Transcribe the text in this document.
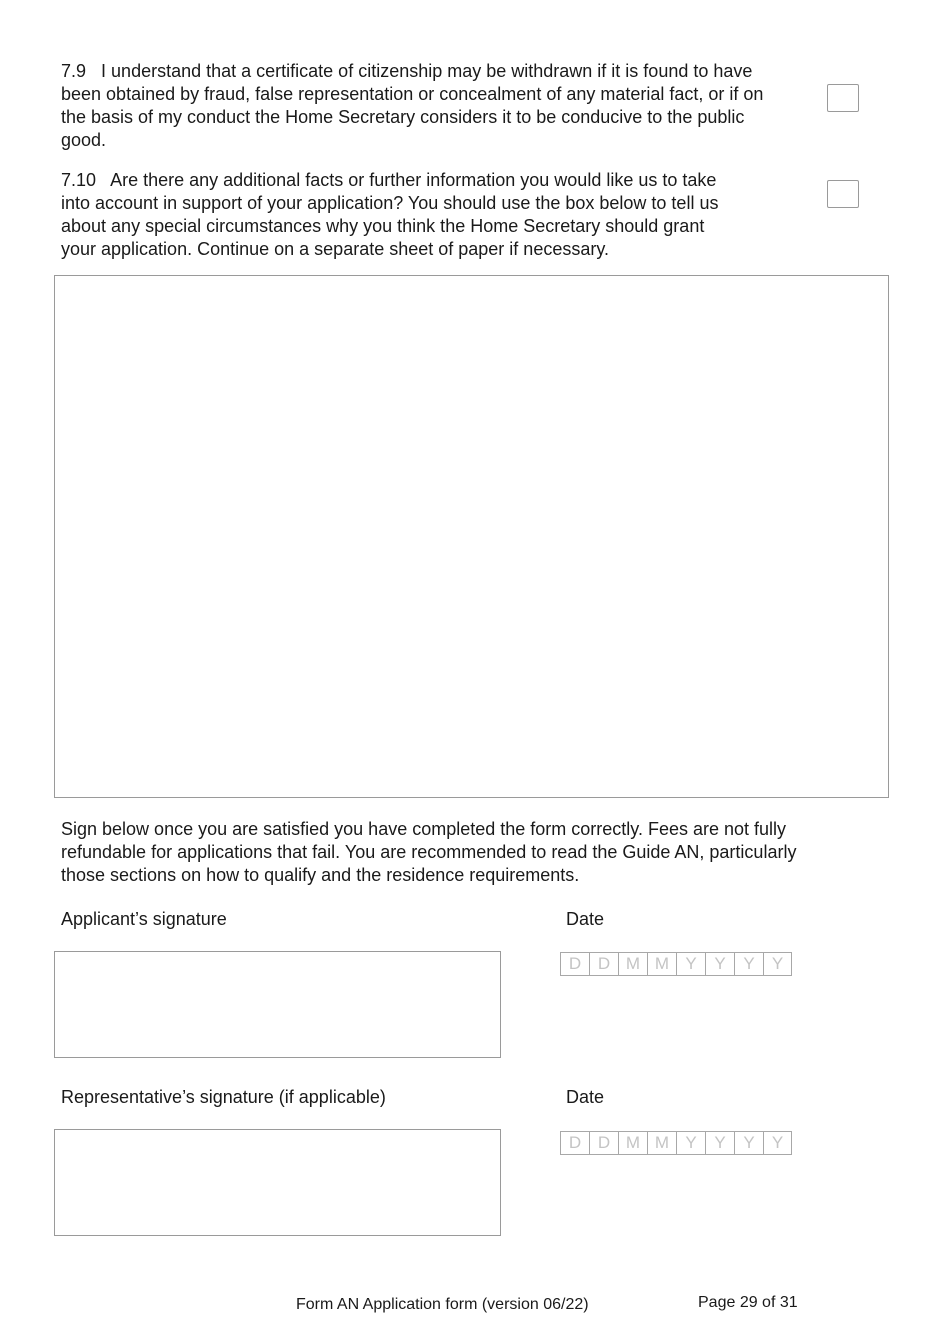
7.9 I understand that a certificate of citizenship may be withdrawn if it is found to have
been obtained by fraud, false representation or concealment of any material fact, or if on
the basis of my conduct the Home Secretary considers it to be conducive to the public
good.
7.10 Are there any additional facts or further information you would like us to take
into account in support of your application? You should use the box below to tell us
about any special circumstances why you think the Home Secretary should grant
your application. Continue on a separate sheet of paper if necessary.
Sign below once you are satisfied you have completed the form correctly. Fees are not fully
refundable for applications that fail. You are recommended to read the Guide AN, particularly
those sections on how to qualify and the residence requirements.
Applicant’s signature	Date
D D M M Y	Y	Y	Y
Representative’s signature (if applicable)	Date
D D M M Y	Y	Y	Y
Form AN Application form (version 06/22)	Page 29 of 31
